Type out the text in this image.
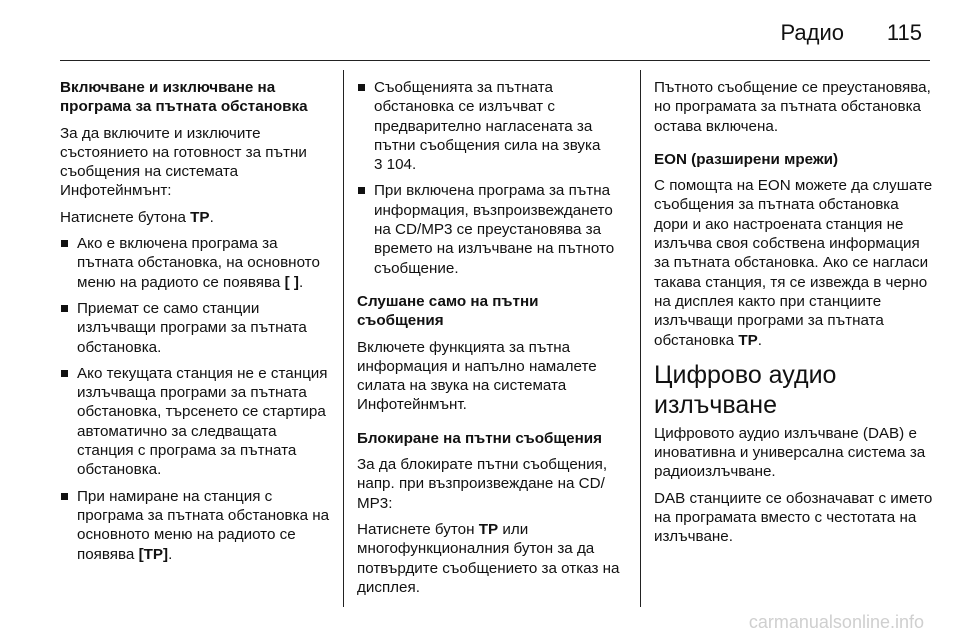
Радио 115

Включване и изключване на програма за пътната обстановка

За да включите и изключите състоянието на готовност за пътни съобщения на системата Инфотейнмънт:

Натиснете бутона TP.

Ако е включена програма за пътната обстановка, на основното меню на радиото се появява [ ].
Приемат се само станции излъчващи програми за пътната обстановка.
Ако текущата станция не е станция излъчваща програми за пътната обстановка, търсенето се стартира автоматично за следващата станция с програма за пътната обстановка.
При намиране на станция с програма за пътната обстановка на основното меню на радиото се появява [TP].
Съобщенията за пътната обстановка се излъчват с предварително нагласената за пътни съобщения сила на звука
3 104.
При включена програма за пътна информация, възпроизвеждането на CD/MP3 се преустановява за времето на излъчване на пътното съобщение.

Слушане само на пътни съобщения

Включете функцията за пътна информация и напълно намалете силата на звука на системата Инфотейнмънт.

Блокиране на пътни съобщения

За да блокирате пътни съобщения, напр. при възпроизвеждане на CD/ MP3:

Натиснете бутон TP или многофункционалния бутон за да потвърдите съобщението за отказ на дисплея.

Пътното съобщение се преустановява, но програмата за пътната обстановка остава включена.

EON (разширени мрежи)

С помощта на EON можете да слушате съобщения за пътната обстановка дори и ако настроената станция не излъчва своя собствена информация за пътната обстановка. Ако се нагласи такава станция, тя се извежда в черно на дисплея както при станциите излъчващи програми за пътната обстановка TP.

Цифрово аудио излъчване

Цифровото аудио излъчване (DAB) е иновативна и универсална система за радиоизлъчване.

DAB станциите се обозначават с името на програмата вместо с честотата на излъчване.

carmanualsonline.info
